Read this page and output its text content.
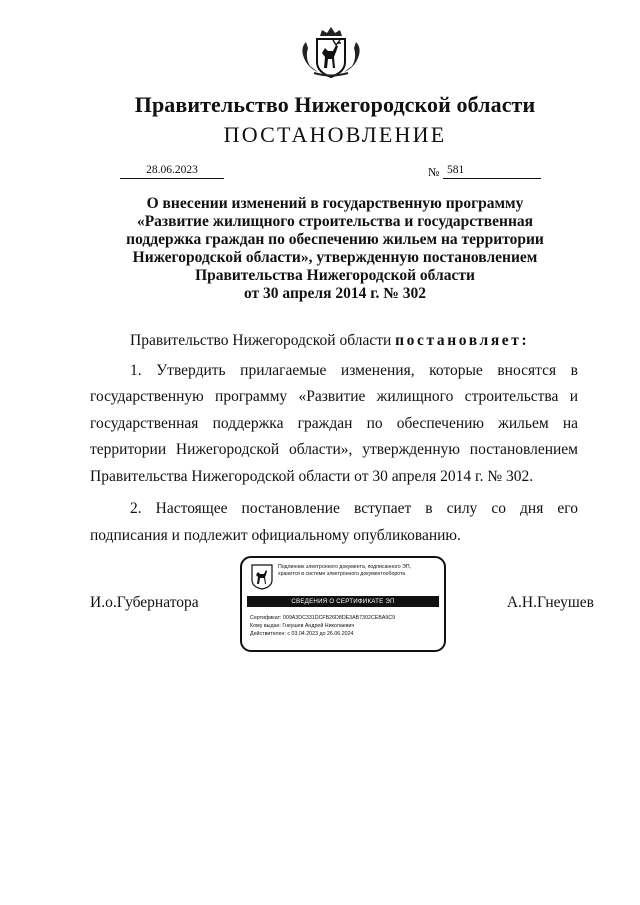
Правительство Нижегородской области
ПОСТАНОВЛЕНИЕ
28.06.2023	№ 581
О внесении изменений в государственную программу
«Развитие жилищного строительства и государственная
поддержка граждан по обеспечению жильем на территории
Нижегородской области», утвержденную постановлением
Правительства Нижегородской области
от 30 апреля 2014 г. № 302

Правительство Нижегородской области постановляет:

1. Утвердить прилагаемые изменения, которые вносятся в государственную программу «Развитие жилищного строительства и государственная поддержка граждан по обеспечению жильем на территории Нижегородской области», утвержденную постановлением Правительства Нижегородской области от 30 апреля 2014 г. № 302.

2. Настоящее постановление вступает в силу со дня его подписания и подлежит официальному опубликованию.

И.о.Губернатора	А.Н.Гнеушев
Подлинник электронного документа, подписанного ЭП,
хранится в системе электронного документооборота
СВЕДЕНИЯ О СЕРТИФИКАТЕ ЭП
Сертификат: 009A3DC331DCFB26D8DE3AB7302CEBA9C9
Кому выдан: Гнеушев Андрей Николаевич
Действителен: с 03.04.2023 до 26.06.2024
